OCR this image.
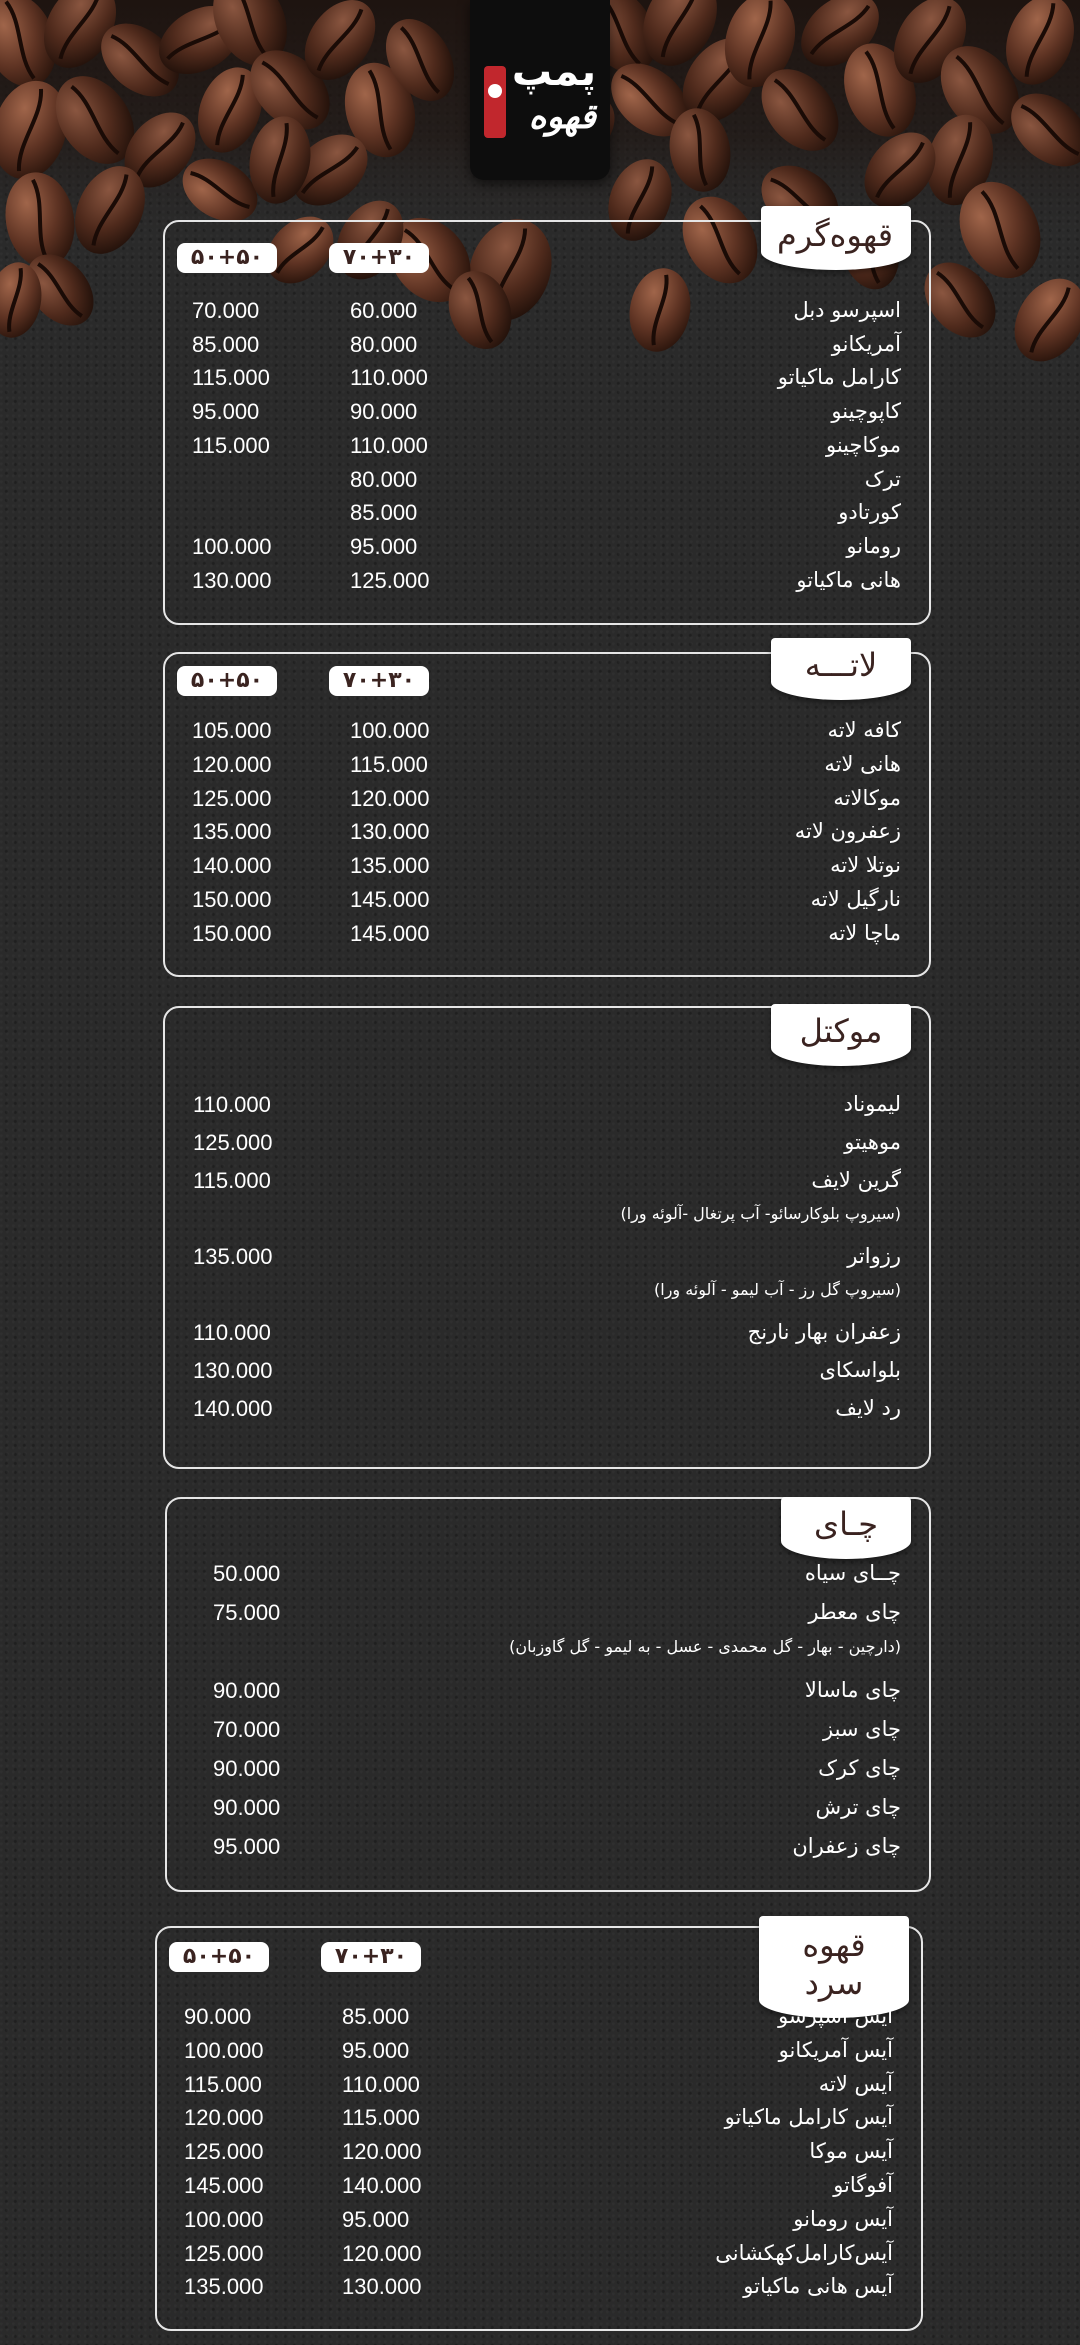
پمپ
قهوه
قهوه‌گرم
۵۰+۵۰	۷۰+۳۰
اسپرسو دبل
60.000
70.000
آمریکانو
80.000
85.000
کارامل ماکیاتو
110.000
115.000
کاپوچینو
90.000
95.000
موکاچینو
110.000
115.000
ترک
80.000
کورتادو
85.000
رومانو
95.000
100.000
هانی ماکیاتو
125.000
130.000
لاتـــه
۵۰+۵۰	۷۰+۳۰
کافه لاته
100.000
105.000
هانی لاته
115.000
120.000
موکالاته
120.000
125.000
زعفرون لاته
130.000
135.000
نوتلا لاته
135.000
140.000
نارگیل لاته
145.000
150.000
ماچا لاته
145.000
150.000
موکتل
لیموناد
110.000
موهیتو
125.000
گرین لایف
115.000
(سیروپ بلوکارسائو- آب پرتغال -آلوئه ورا)
رزواتر
135.000
(سیروپ گل رز - آب لیمو - آلوئه ورا)
زعفران بهار نارنج
110.000
بلواسکای
130.000
رد لایف
140.000
چـای
چــای سیاه
50.000
چای معطر
75.000
(دارچین - بهار - گل محمدی - عسل - به لیمو - گل گاوزبان)
چای ماسالا
90.000
چای سبز
70.000
چای کرک
90.000
چای ترش
90.000
چای زعفران
95.000
قهوه سرد
۵۰+۵۰	۷۰+۳۰
آیس اسپرسو
85.000
90.000
آیس آمریکانو
95.000
100.000
آیس لاته
110.000
115.000
آیس کارامل ماکیاتو
115.000
120.000
آیس موکا
120.000
125.000
آفوگاتو
140.000
145.000
آیس رومانو
95.000
100.000
آیس‌کارامل‌کهکشانی
120.000
125.000
آیس هانی ماکیاتو
130.000
135.000
